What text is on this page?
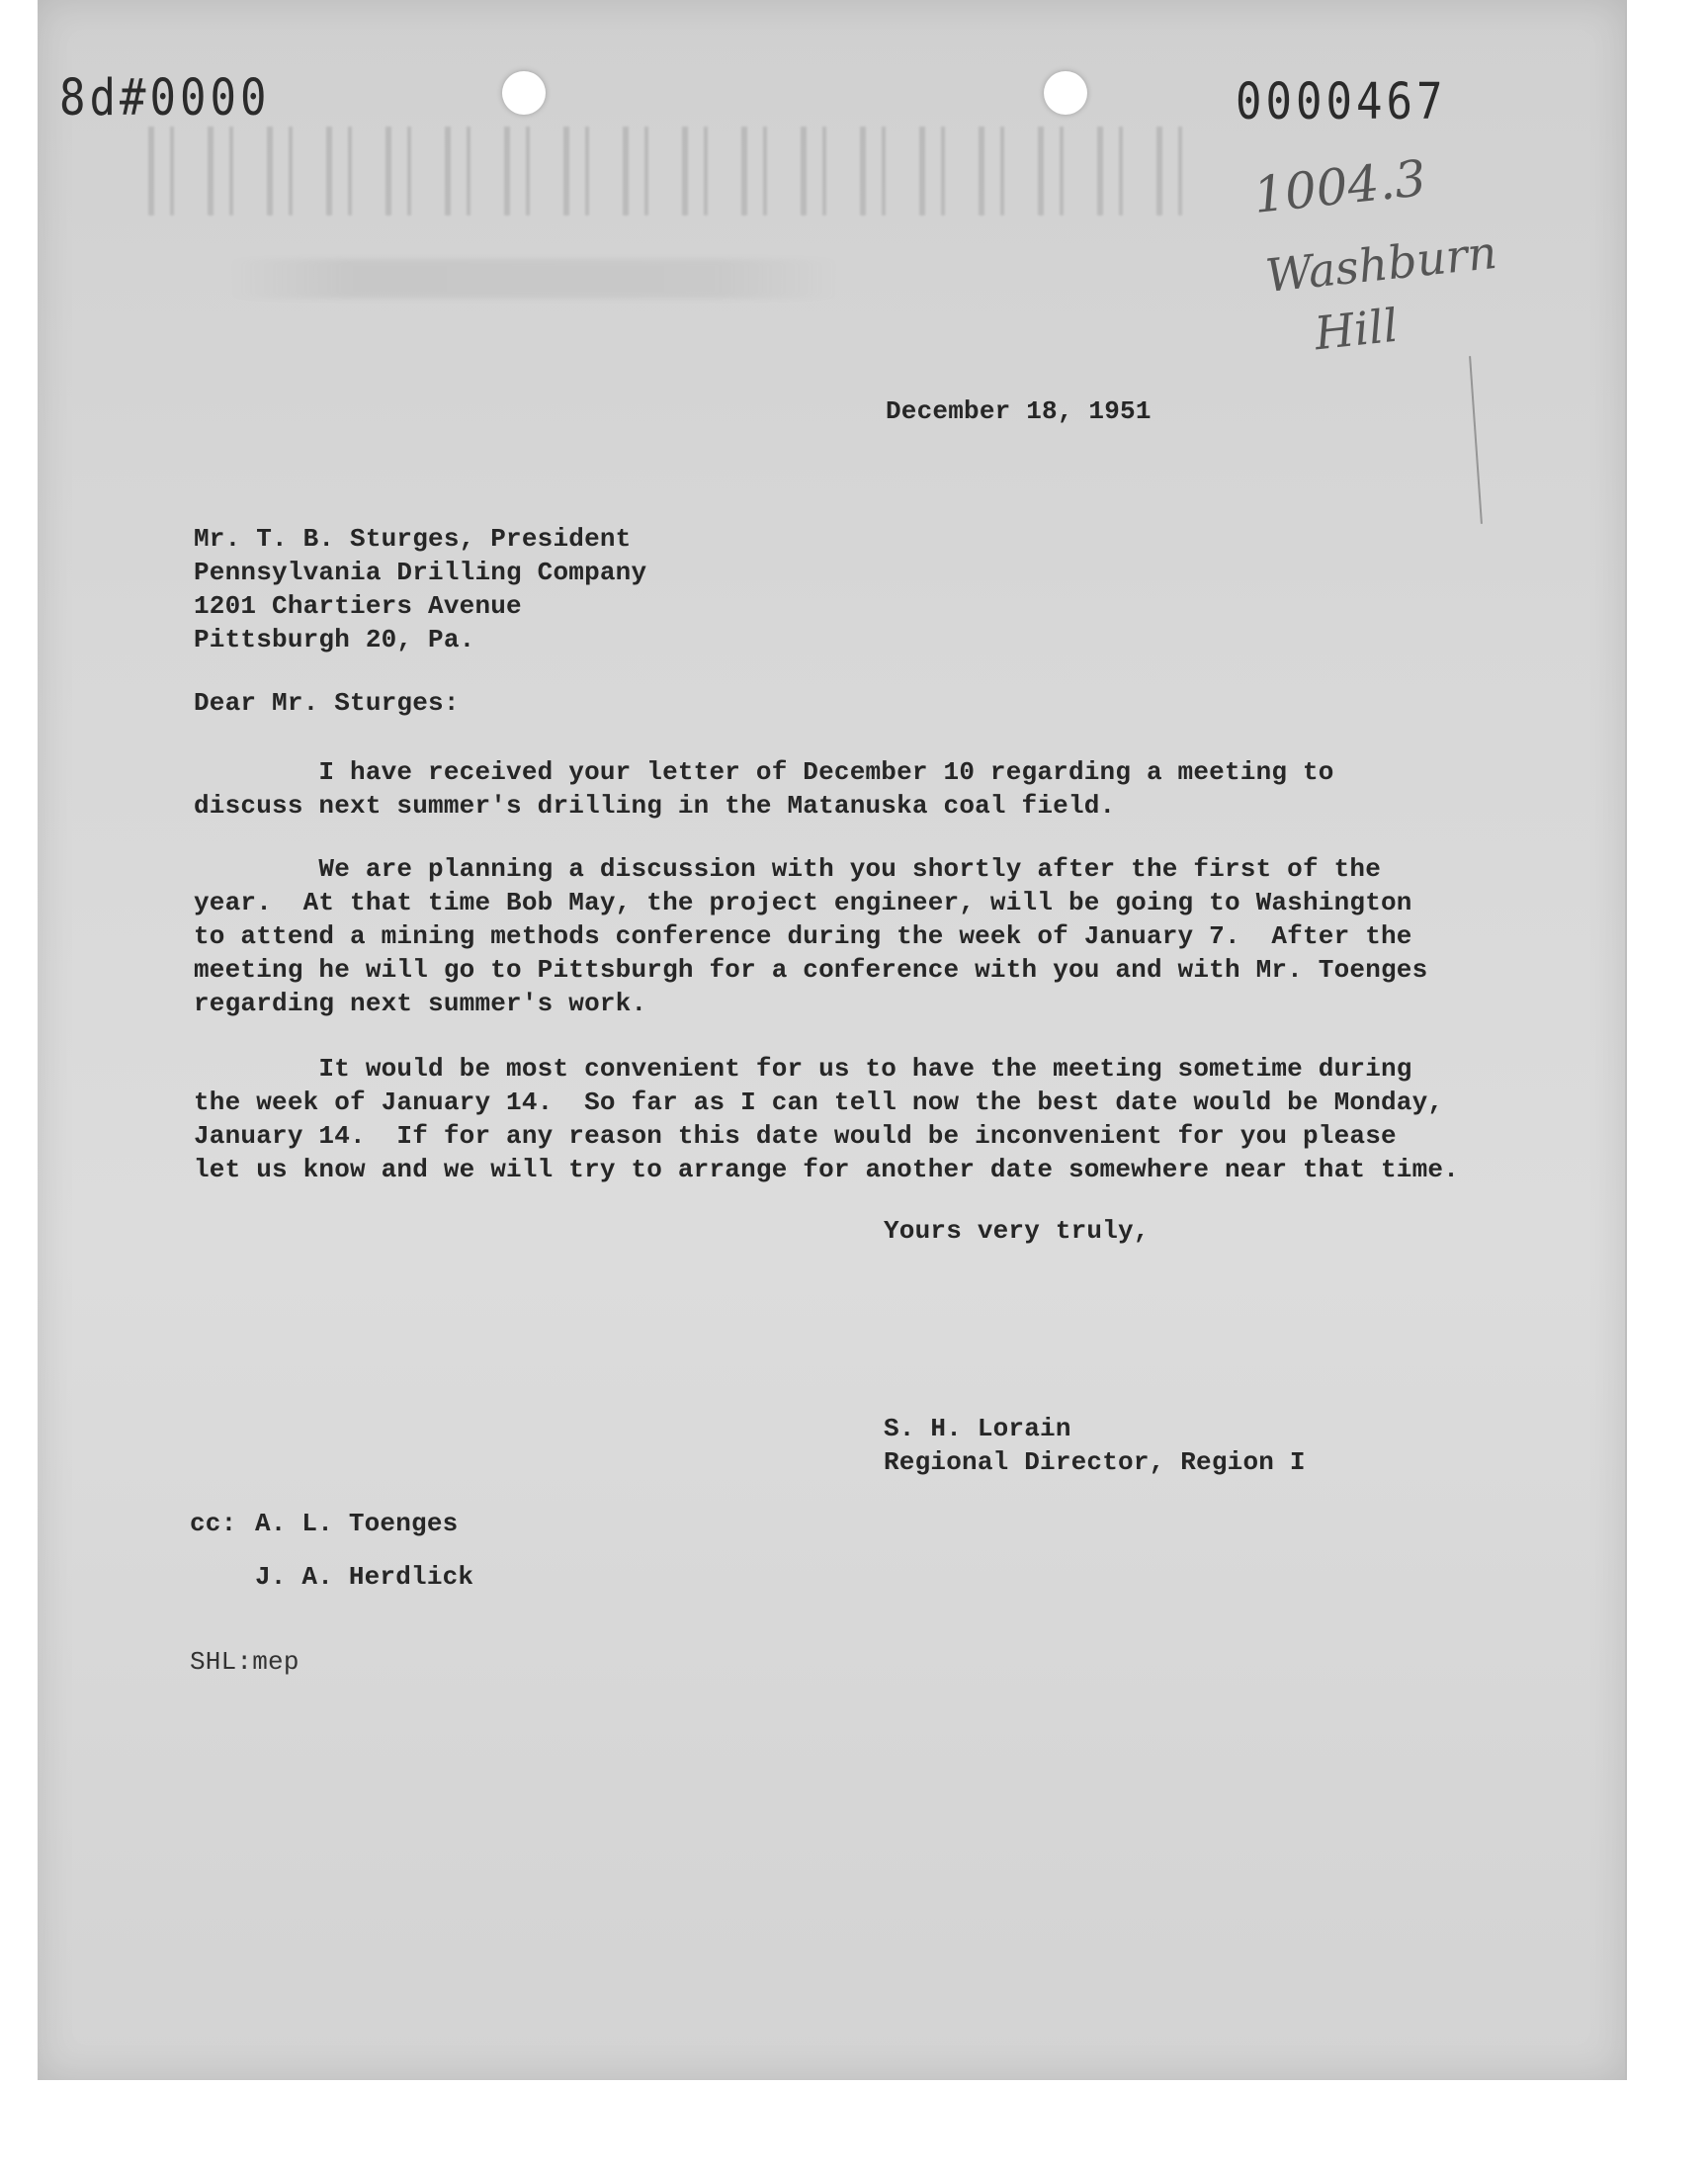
8d#0000	0000467
1004.3
Washburn
Hill
December 18, 1951
Mr. T. B. Sturges, President
Pennsylvania Drilling Company
1201 Chartiers Avenue
Pittsburgh 20, Pa.
Dear Mr. Sturges:
I have received your letter of December 10 regarding a meeting to
discuss next summer's drilling in the Matanuska coal field.
We are planning a discussion with you shortly after the first of the
year.  At that time Bob May, the project engineer, will be going to Washington
to attend a mining methods conference during the week of January 7.  After the
meeting he will go to Pittsburgh for a conference with you and with Mr. Toenges
regarding next summer's work.
It would be most convenient for us to have the meeting sometime during
the week of January 14.  So far as I can tell now the best date would be Monday,
January 14.  If for any reason this date would be inconvenient for you please
let us know and we will try to arrange for another date somewhere near that time.
Yours very truly,
S. H. Lorain
Regional Director, Region I
cc: A. L. Toenges
J. A. Herdlick
SHL:mep
